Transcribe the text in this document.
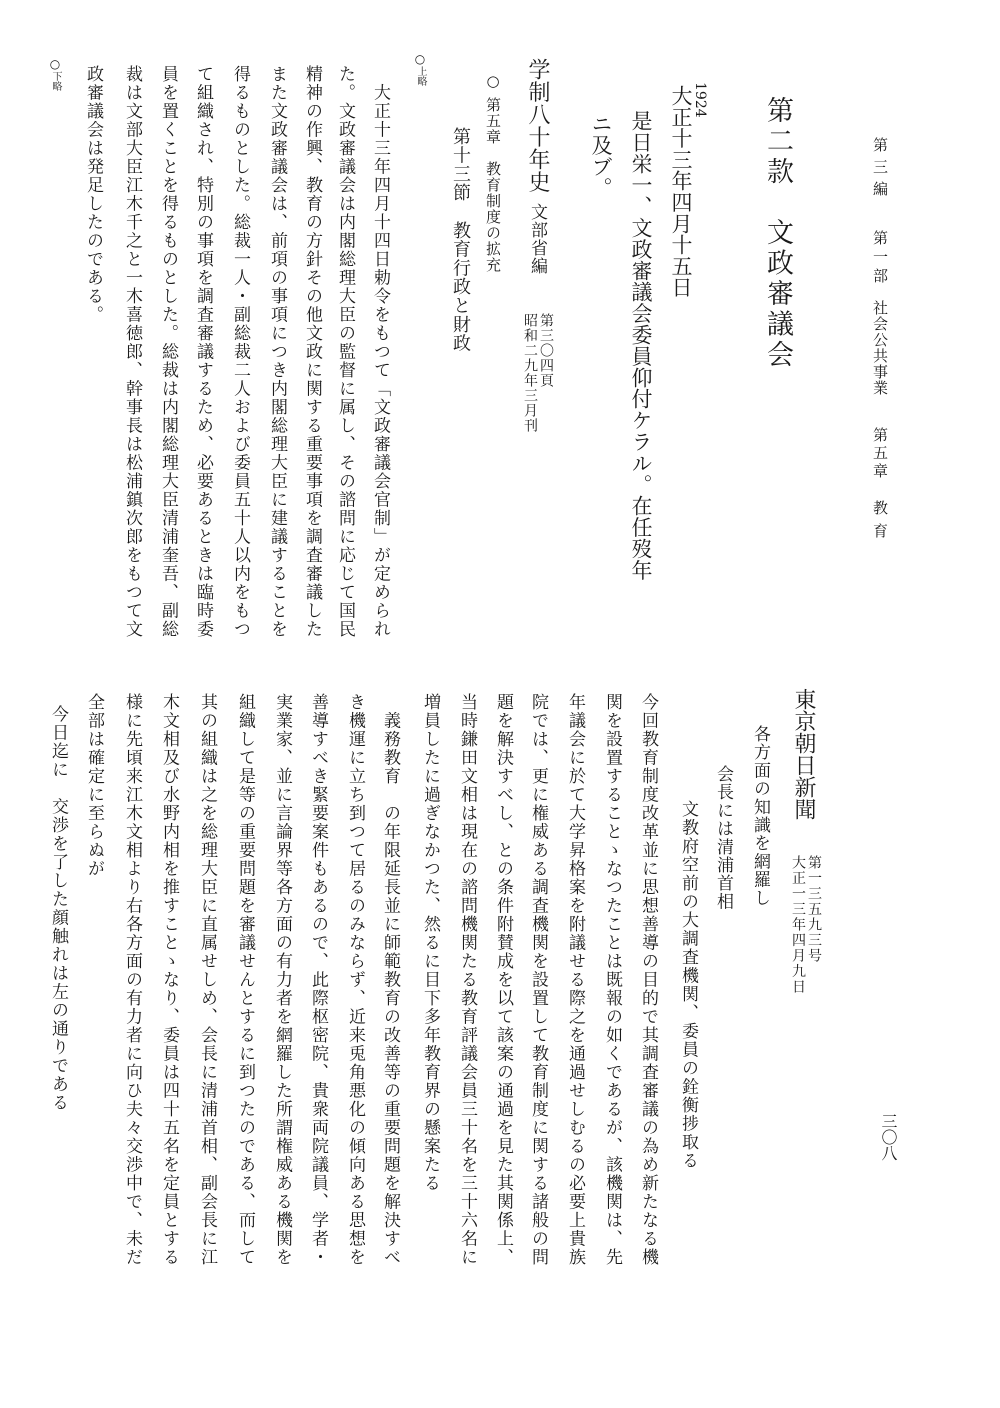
第三編
第一部
社会公共事業
第五章
教育
三〇八
第二款　文政審議会
1924
大正十三年四月十五日
是日栄一、文政審議会委員仰付ケラル。在任歿年
ニ及ブ。
学制八十年史
文部省編
第三〇四頁
昭和二九年三月刊
○ 第五章　教育制度の拡充
第十三節　教育行政と財政
○上略
　大正十三年四月十四日勅令をもつて「文政審議会官制」が定められ
た。文政審議会は内閣総理大臣の監督に属し、その諮問に応じて国民
精神の作興、教育の方針その他文政に関する重要事項を調査審議した
また文政審議会は、前項の事項につき内閣総理大臣に建議することを
得るものとした。総裁一人・副総裁二人および委員五十人以内をもつ
て組織され、特別の事項を調査審議するため、必要あるときは臨時委
員を置くことを得るものとした。総裁は内閣総理大臣清浦奎吾、副総
裁は文部大臣江木千之と一木喜徳郎、幹事長は松浦鎮次郎をもつて文
政審議会は発足したのである。
○下略
東京朝日新聞
第一三五九三号
大正一三年四月九日
各方面の知識を網羅し
会長には清浦首相
文教府空前の大調査機関、委員の銓衡捗取る
今回教育制度改革並に思想善導の目的で其調査審議の為め新たなる機
関を設置することゝなつたことは既報の如くであるが、該機関は、先
年議会に於て大学昇格案を附議せる際之を通過せしむるの必要上貴族
院では、更に権威ある調査機関を設置して教育制度に関する諸般の問
題を解決すべし、との条件附賛成を以て該案の通過を見た其関係上、
当時鎌田文相は現在の諮問機関たる教育評議会員三十名を三十六名に
増員したに過ぎなかつた、然るに目下多年教育界の懸案たる
　義務教育　の年限延長並に師範教育の改善等の重要問題を解決すべ
き機運に立ち到つて居るのみならず、近来兎角悪化の傾向ある思想を
善導すべき緊要案件もあるので、此際枢密院、貴衆両院議員、学者・
実業家、並に言論界等各方面の有力者を網羅した所謂権威ある機関を
組織して是等の重要問題を審議せんとするに到つたのである、而して
其の組織は之を総理大臣に直属せしめ、会長に清浦首相、副会長に江
木文相及び水野内相を推すことゝなり、委員は四十五名を定員とする
様に先頃来江木文相より右各方面の有力者に向ひ夫々交渉中で、未だ
全部は確定に至らぬが
今日迄に　交渉を了した顔触れは左の通りである
